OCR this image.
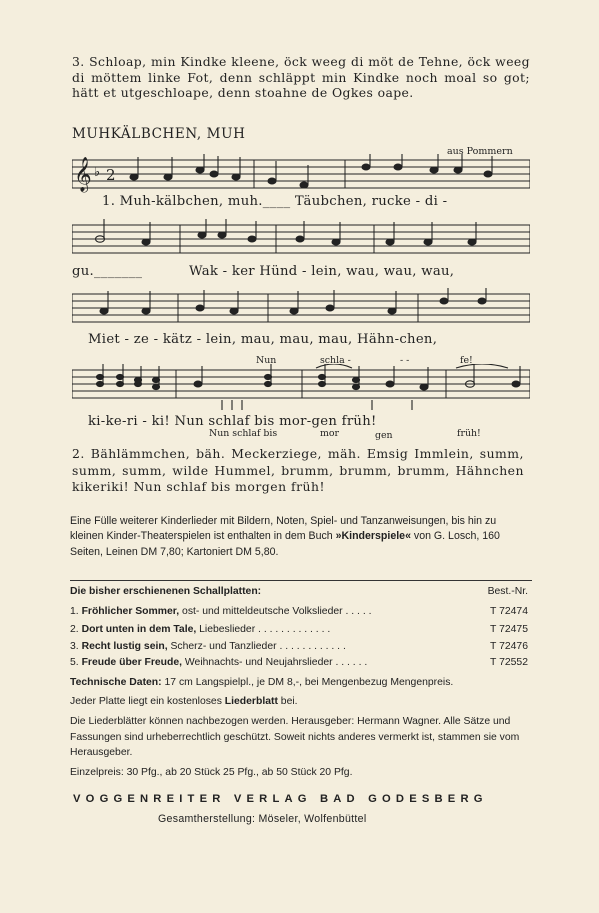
3. Schloap, min Kindke kleene, öck weeg di möt de Tehne, öck weeg di möttem linke Fot, denn schläppt min Kindke noch moal so got; hätt et utgeschloape, denn stoahne de Ogkes oape.
MUHKÄLBCHEN, MUH
aus Pommern
𝄞 ♭ 2
1. Muh-kälbchen, muh.____ Täubchen, rucke - di -
gu._______	Wak - ker Hünd - lein, wau, wau, wau,
Miet - ze - kätz - lein, mau, mau, mau, Hähn-chen,
Nun	schla -	- -	fe!
ki-ke-ri - ki! Nun schlaf bis mor-gen früh!
Nun schlaf bis	mor	gen	früh!
2. Bählämmchen, bäh. Meckerziege, mäh. Emsig Immlein, summ, summ, summ, wilde Hummel, brumm, brumm, brumm, Hähnchen kikeriki! Nun schlaf bis morgen früh!
Eine Fülle weiterer Kinderlieder mit Bildern, Noten, Spiel- und Tanzanweisungen, bis hin zu kleinen Kinder-Theaterspielen ist enthalten in dem Buch »Kinderspiele« von G. Losch, 160 Seiten, Leinen DM 7,80; Kartoniert DM 5,80.
Die bisher erschienenen Schallplatten:	Best.-Nr.
1. Fröhlicher Sommer, ost- und mitteldeutsche Volkslieder . . . . .	T 72474
2. Dort unten in dem Tale, Liebeslieder . . . . . . . . . . . . .	T 72475
3. Recht lustig sein, Scherz- und Tanzlieder . . . . . . . . . . . .	T 72476
5. Freude über Freude, Weihnachts- und Neujahrslieder . . . . . .	T 72552
Technische Daten: 17 cm Langspielpl., je DM 8,-, bei Mengenbezug Mengenpreis.
Jeder Platte liegt ein kostenloses Liederblatt bei.
Die Liederblätter können nachbezogen werden. Herausgeber: Hermann Wagner. Alle Sätze und Fassungen sind urheberrechtlich geschützt. Soweit nichts anderes vermerkt ist, stammen sie vom Herausgeber.
Einzelpreis: 30 Pfg., ab 20 Stück 25 Pfg., ab 50 Stück 20 Pfg.
VOGGENREITER VERLAG BAD GODESBERG
Gesamtherstellung: Möseler, Wolfenbüttel
